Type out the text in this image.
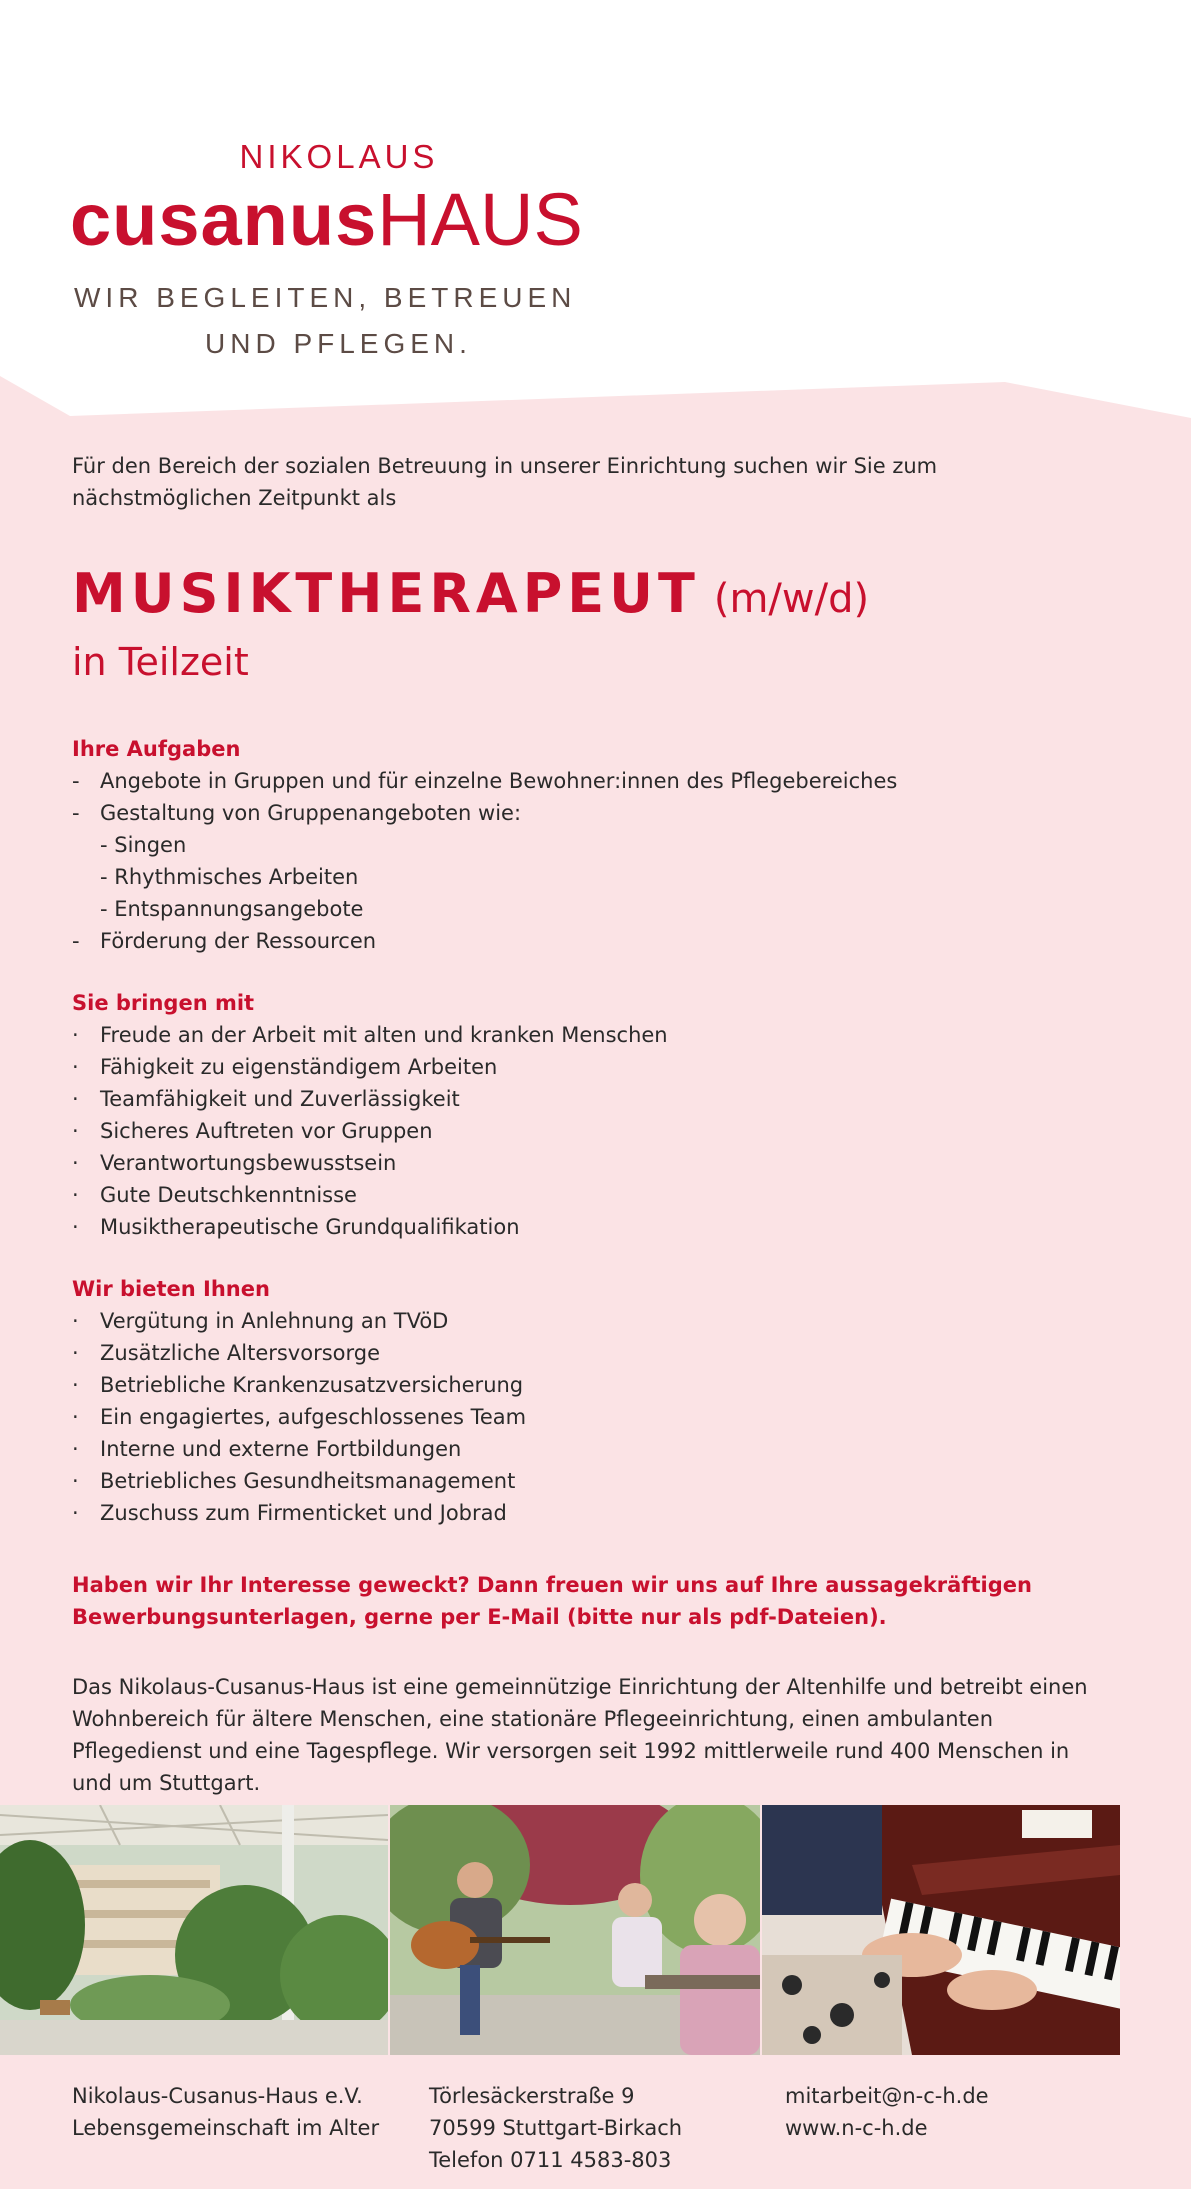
NIKOLAUS
cusanusHAUS
WIR BEGLEITEN, BETREUEN
UND PFLEGEN.

Für den Bereich der sozialen Betreuung in unserer Einrichtung suchen wir Sie zum nächstmöglichen Zeitpunkt als

MUSIKTHERAPEUT (m/w/d)

in Teilzeit

Ihre Aufgaben

- Angebote in Gruppen und für einzelne Bewohner:innen des Pflegebereiches
- Gestaltung von Gruppenangeboten wie:
- Singen
- Rhythmisches Arbeiten
- Entspannungsangebote
- Förderung der Ressourcen

Sie bringen mit

·	Freude an der Arbeit mit alten und kranken Menschen
·	Fähigkeit zu eigenständigem Arbeiten
·	Teamfähigkeit und Zuverlässigkeit
·	Sicheres Auftreten vor Gruppen
·	Verantwortungsbewusstsein
·	Gute Deutschkenntnisse
·	Musiktherapeutische Grundqualifikation

Wir bieten Ihnen

·	Vergütung in Anlehnung an TVöD
·	Zusätzliche Altersvorsorge
·	Betriebliche Krankenzusatzversicherung
·	Ein engagiertes, aufgeschlossenes Team
·	Interne und externe Fortbildungen
·	Betriebliches Gesundheitsmanagement
·	Zuschuss zum Firmenticket und Jobrad

Haben wir Ihr Interesse geweckt? Dann freuen wir uns auf Ihre aussagekräftigen Bewerbungsunterlagen, gerne per E-Mail (bitte nur als pdf-Dateien).

Das Nikolaus-Cusanus-Haus ist eine gemeinnützige Einrichtung der Altenhilfe und betreibt einen Wohnbereich für ältere Menschen, eine stationäre Pflegeeinrichtung, einen ambulanten Pflegedienst und eine Tagespflege. Wir versorgen seit 1992 mittlerweile rund 400 Menschen in und um Stuttgart.

Nikolaus-Cusanus-Haus e.V.
Lebensgemeinschaft im Alter
Törlesäckerstraße 9
70599 Stuttgart-Birkach
Telefon 0711 4583-803
mitarbeit@n-c-h.de
www.n-c-h.de
